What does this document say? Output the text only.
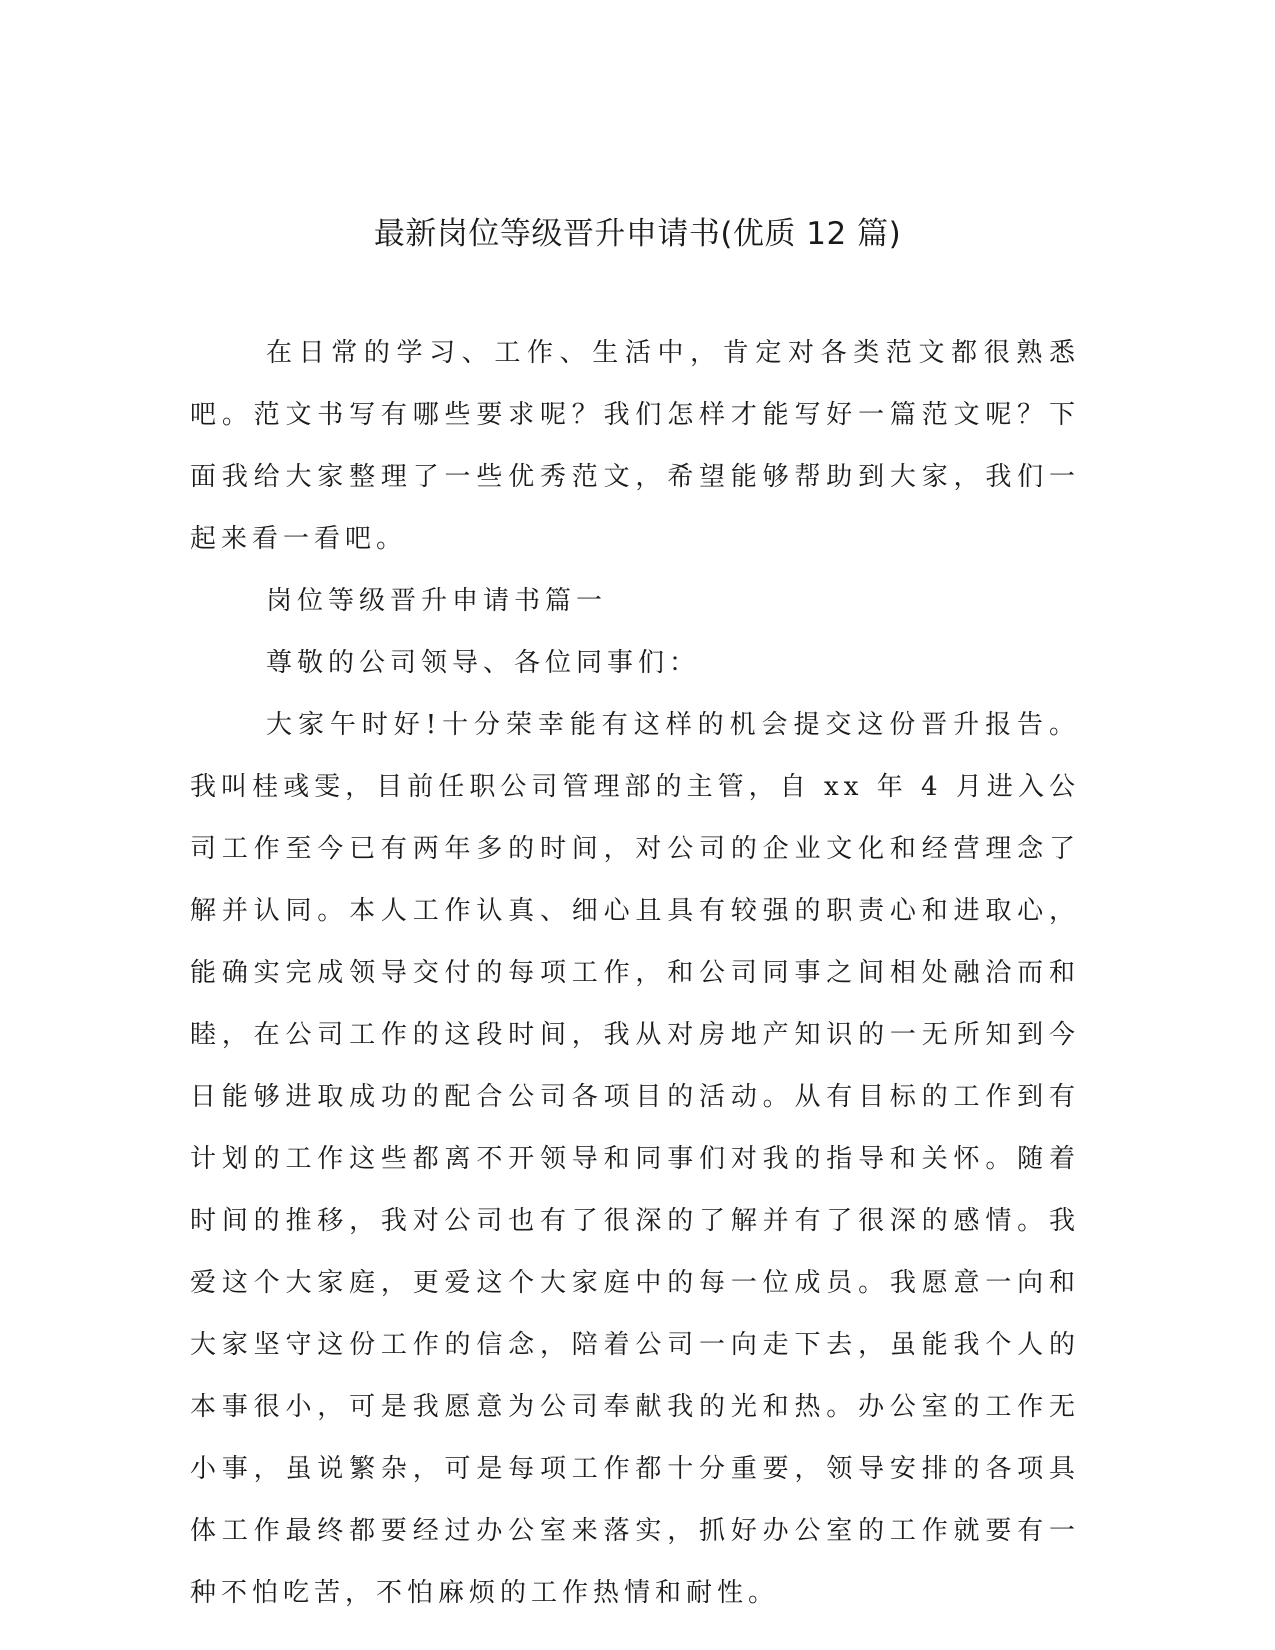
最新岗位等级晋升申请书(优质 12 篇)

在日常的学习、工作、生活中，肯定对各类范文都很熟悉吧。范文书写有哪些要求呢？我们怎样才能写好一篇范文呢？下面我给大家整理了一些优秀范文，希望能够帮助到大家，我们一起来看一看吧。

岗位等级晋升申请书篇一

尊敬的公司领导、各位同事们：

大家午时好!十分荣幸能有这样的机会提交这份晋升报告。我叫桂彧雯，目前任职公司管理部的主管，自 xx 年 4 月进入公司工作至今已有两年多的时间，对公司的企业文化和经营理念了解并认同。本人工作认真、细心且具有较强的职责心和进取心，能确实完成领导交付的每项工作，和公司同事之间相处融洽而和睦，在公司工作的这段时间，我从对房地产知识的一无所知到今日能够进取成功的配合公司各项目的活动。从有目标的工作到有计划的工作这些都离不开领导和同事们对我的指导和关怀。随着时间的推移，我对公司也有了很深的了解并有了很深的感情。我爱这个大家庭，更爱这个大家庭中的每一位成员。我愿意一向和大家坚守这份工作的信念，陪着公司一向走下去，虽能我个人的本事很小，可是我愿意为公司奉献我的光和热。办公室的工作无小事，虽说繁杂，可是每项工作都十分重要，领导安排的各项具体工作最终都要经过办公室来落实，抓好办公室的工作就要有一种不怕吃苦，不怕麻烦的工作热情和耐性。
